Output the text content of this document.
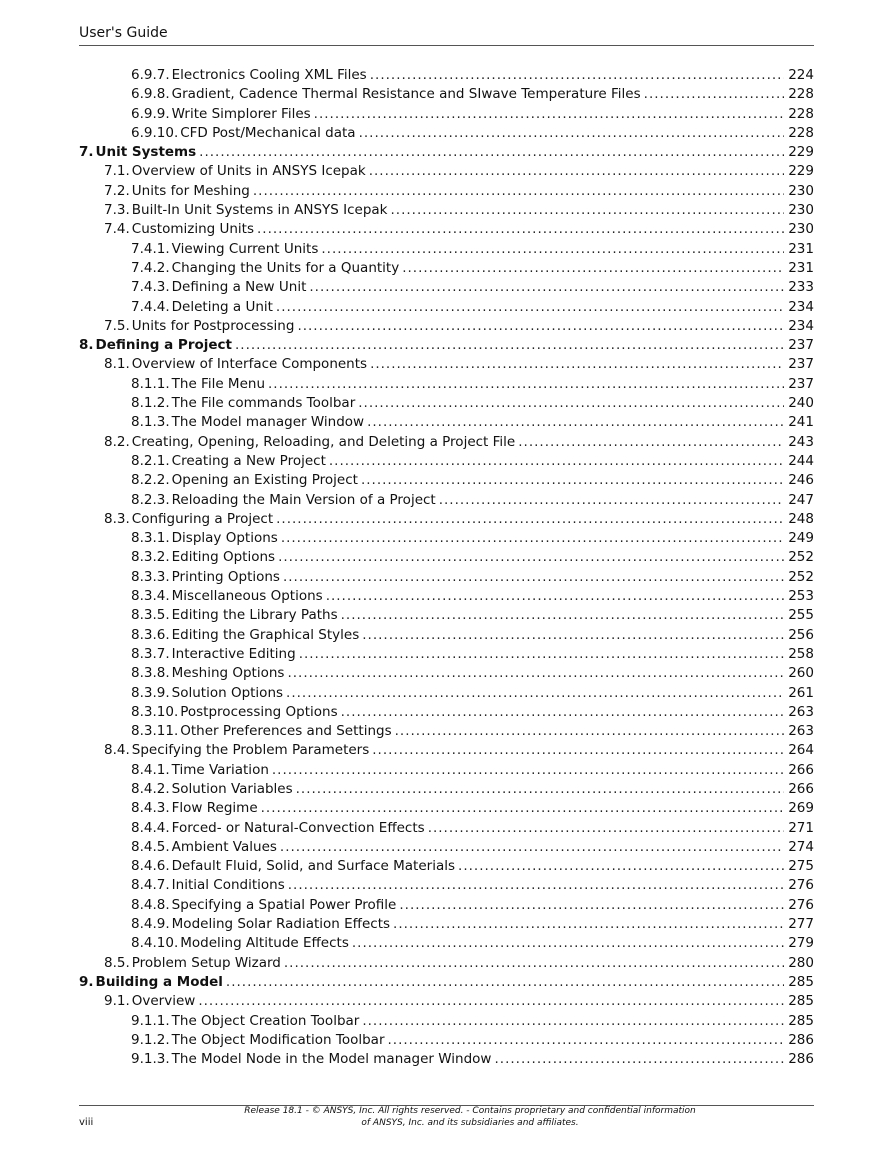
User's Guide
6.9.7. Electronics Cooling XML Files .....	224
6.9.8. Gradient, Cadence Thermal Resistance and SIwave Temperature Files .....	228
6.9.9. Write Simplorer Files .....	228
6.9.10. CFD Post/Mechanical data .....	228
7. Unit Systems .....	229
7.1. Overview of Units in ANSYS Icepak .....	229
7.2. Units for Meshing .....	230
7.3. Built-In Unit Systems in ANSYS Icepak .....	230
7.4. Customizing Units .....	230
7.4.1. Viewing Current Units .....	231
7.4.2. Changing the Units for a Quantity .....	231
7.4.3. Defining a New Unit .....	233
7.4.4. Deleting a Unit .....	234
7.5. Units for Postprocessing .....	234
8. Defining a Project .....	237
8.1. Overview of Interface Components .....	237
8.1.1. The File Menu .....	237
8.1.2. The File commands Toolbar .....	240
8.1.3. The Model manager Window .....	241
8.2. Creating, Opening, Reloading, and Deleting a Project File .....	243
8.2.1. Creating a New Project .....	244
8.2.2. Opening an Existing Project .....	246
8.2.3. Reloading the Main Version of a Project .....	247
8.3. Configuring a Project .....	248
8.3.1. Display Options .....	249
8.3.2. Editing Options .....	252
8.3.3. Printing Options .....	252
8.3.4. Miscellaneous Options .....	253
8.3.5. Editing the Library Paths .....	255
8.3.6. Editing the Graphical Styles .....	256
8.3.7. Interactive Editing .....	258
8.3.8. Meshing Options .....	260
8.3.9. Solution Options .....	261
8.3.10. Postprocessing Options .....	263
8.3.11. Other Preferences and Settings .....	263
8.4. Specifying the Problem Parameters .....	264
8.4.1. Time Variation .....	266
8.4.2. Solution Variables .....	266
8.4.3. Flow Regime .....	269
8.4.4. Forced- or Natural-Convection Effects .....	271
8.4.5. Ambient Values .....	274
8.4.6. Default Fluid, Solid, and Surface Materials .....	275
8.4.7. Initial Conditions .....	276
8.4.8. Specifying a Spatial Power Profile .....	276
8.4.9. Modeling Solar Radiation Effects .....	277
8.4.10. Modeling Altitude Effects .....	279
8.5. Problem Setup Wizard .....	280
9. Building a Model .....	285
9.1. Overview .....	285
9.1.1. The Object Creation Toolbar .....	285
9.1.2. The Object Modification Toolbar .....	286
9.1.3. The Model Node in the Model manager Window .....	286
viii
Release 18.1 - © ANSYS, Inc. All rights reserved. - Contains proprietary and confidential information
of ANSYS, Inc. and its subsidiaries and affiliates.
